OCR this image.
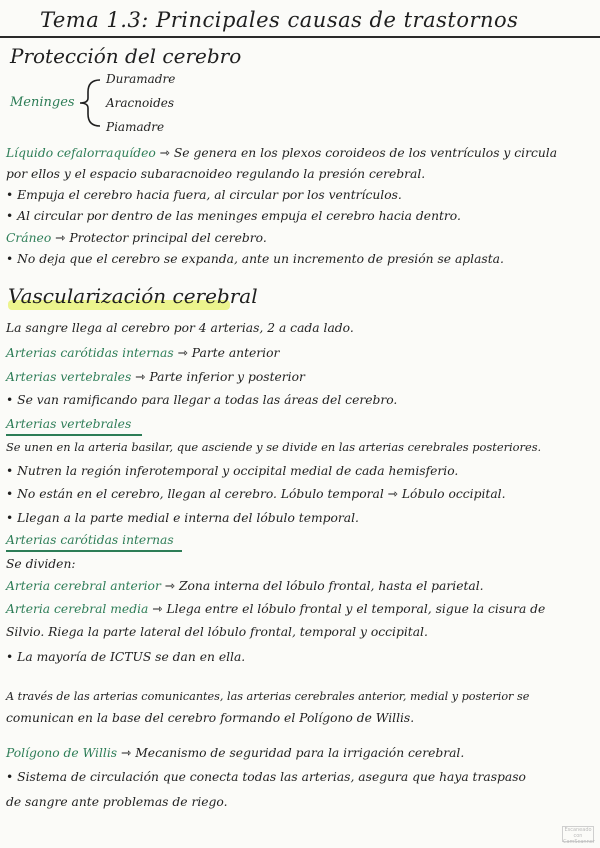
Tema 1.3: Principales causas de trastornos
Protección del cerebro
Meninges
Duramadre
Aracnoides
Piamadre
Líquido cefalorraquídeo ⇾ Se genera en los plexos coroideos de los ventrículos y circula
por ellos y el espacio subaracnoideo regulando la presión cerebral.
• Empuja el cerebro hacia fuera, al circular por los ventrículos.
• Al circular por dentro de las meninges empuja el cerebro hacia dentro.
Cráneo ⇾ Protector principal del cerebro.
• No deja que el cerebro se expanda, ante un incremento de presión se aplasta.
Vascularización cerebral
La sangre llega al cerebro por 4 arterias, 2 a cada lado.
Arterias carótidas internas ⇾ Parte anterior
Arterias vertebrales ⇾ Parte inferior y posterior
• Se van ramificando para llegar a todas las áreas del cerebro.
Arterias vertebrales
Se unen en la arteria basilar, que asciende y se divide en las arterias cerebrales posteriores.
• Nutren la región inferotemporal y occipital medial de cada hemisferio.
• No están en el cerebro, llegan al cerebro. Lóbulo temporal ⇾ Lóbulo occipital.
• Llegan a la parte medial e interna del lóbulo temporal.
Arterias carótidas internas
Se dividen:
Arteria cerebral anterior ⇾ Zona interna del lóbulo frontal, hasta el parietal.
Arteria cerebral media ⇾ Llega entre el lóbulo frontal y el temporal, sigue la cisura de
Silvio. Riega la parte lateral del lóbulo frontal, temporal y occipital.
• La mayoría de ICTUS se dan en ella.
A través de las arterias comunicantes, las arterias cerebrales anterior, medial y posterior se
comunican en la base del cerebro formando el Polígono de Willis.
Polígono de Willis ⇾ Mecanismo de seguridad para la irrigación cerebral.
• Sistema de circulación que conecta todas las arterias, asegura que haya traspaso
de sangre ante problemas de riego.
Escaneado con CamScanner
